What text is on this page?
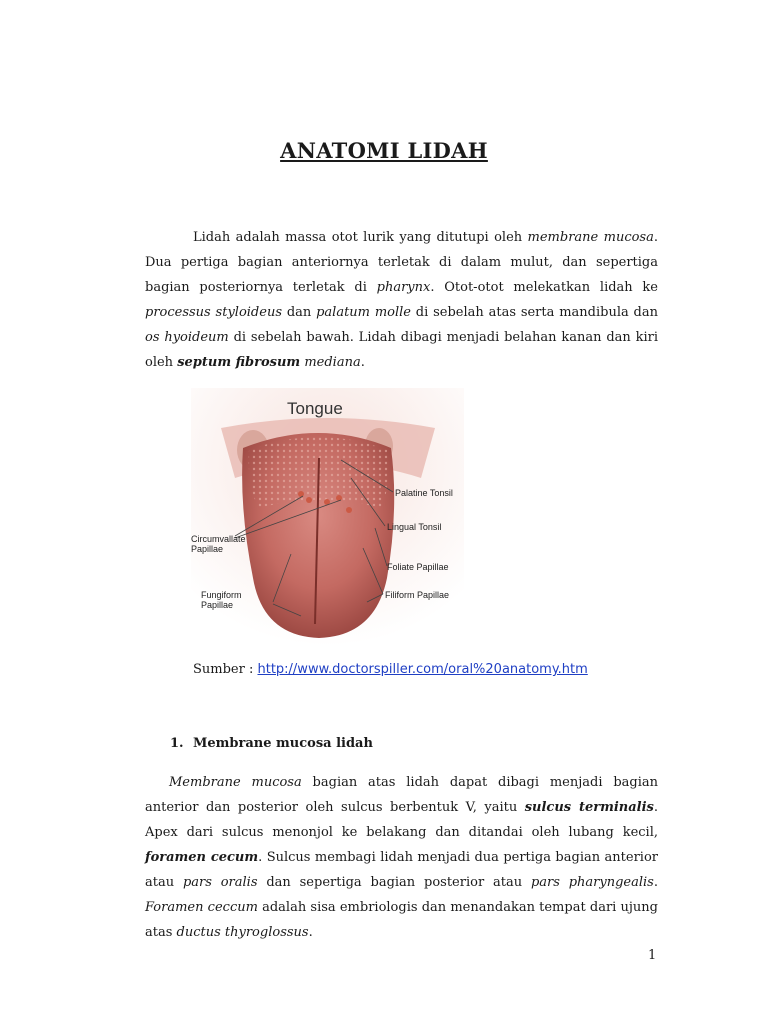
ANATOMI LIDAH

Lidah adalah massa otot lurik yang ditutupi oleh membrane mucosa. Dua pertiga bagian anteriornya terletak di dalam mulut, dan sepertiga bagian posteriornya terletak di pharynx. Otot-otot melekatkan lidah ke processus styloideus dan palatum molle di sebelah atas serta mandibula dan os hyoideum di sebelah bawah. Lidah dibagi menjadi belahan kanan dan kiri oleh septum fibrosum mediana.

Tongue
Palatine Tonsil
Lingual Tonsil
Circumvallate
Papillae
Foliate Papillae
Fungiform
Papillae
Filiform Papillae
Sumber : http://www.doctorspiller.com/oral%20anatomy.htm
1. Membrane mucosa lidah

Membrane mucosa bagian atas lidah dapat dibagi menjadi bagian anterior dan posterior oleh sulcus berbentuk V, yaitu sulcus terminalis. Apex dari sulcus menonjol ke belakang dan ditandai oleh lubang kecil, foramen cecum. Sulcus membagi lidah menjadi dua pertiga bagian anterior atau pars oralis dan sepertiga bagian posterior atau pars pharyngealis. Foramen ceccum adalah sisa embriologis dan menandakan tempat dari ujung atas ductus thyroglossus.

1
